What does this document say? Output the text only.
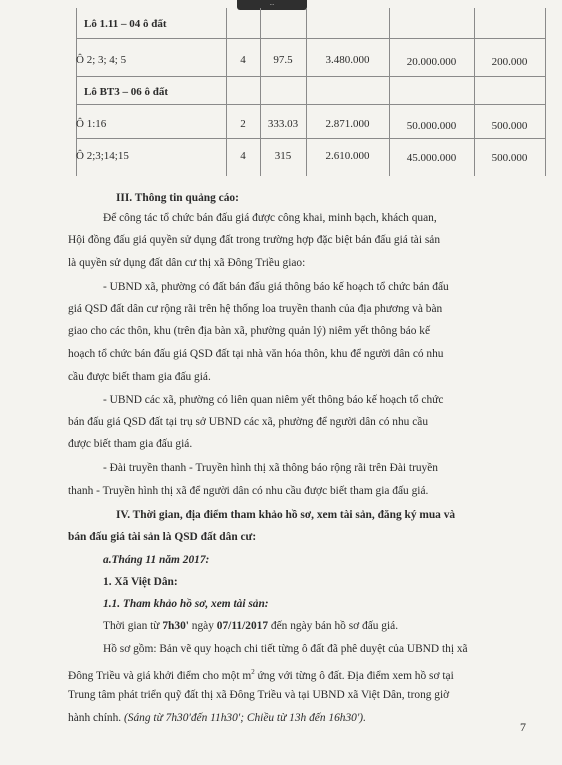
...
Lô 1.11 – 04 ô đất
Ô 2; 3; 4; 5	4	97.5	3.480.000	20.000.000	200.000
Lô BT3 – 06 ô đất
Ô 1:16	2	333.03	2.871.000	50.000.000	500.000
Ô 2;3;14;15	4	315	2.610.000	45.000.000	500.000
III. Thông tin quảng cáo:
Để công tác tổ chức bán đấu giá được công khai, minh bạch, khách quan,
Hội đồng đấu giá quyền sử dụng đất trong trường hợp đặc biệt bán đấu giá tài sản
là quyền sử dụng đất dân cư thị xã Đông Triều giao:
- UBND xã, phường có đất bán đấu giá thông báo kế hoạch tổ chức bán đấu
giá QSD đất dân cư rộng rãi trên hệ thống loa truyền thanh của địa phương và bàn
giao cho các thôn, khu (trên địa bàn xã, phường quản lý) niêm yết thông báo kế
hoạch tổ chức bán đấu giá QSD đất tại nhà văn hóa thôn, khu để người dân có nhu
cầu được biết tham gia đấu giá.
- UBND các xã, phường có liên quan niêm yết thông báo kế hoạch tổ chức
bán đấu giá QSD đất tại trụ sở UBND các xã, phường để người dân có nhu cầu
được biết tham gia đấu giá.
- Đài truyền thanh - Truyền hình thị xã thông báo rộng rãi trên Đài truyền
thanh - Truyền hình thị xã để người dân có nhu cầu được biết tham gia đấu giá.
IV. Thời gian, địa điểm tham khảo hồ sơ, xem tài sản, đăng ký mua và
bán đấu giá tài sản là QSD đất dân cư:
a.Tháng 11 năm 2017:
1. Xã Việt Dân:
1.1. Tham khảo hồ sơ, xem tài sản:
Thời gian từ 7h30' ngày 07/11/2017 đến ngày bán hồ sơ đấu giá.
Hồ sơ gồm: Bản vẽ quy hoạch chi tiết từng ô đất đã phê duyệt của UBND thị xã
Đông Triều và giá khởi điểm cho một $m^2$ ứng với từng ô đất. Địa điểm xem hồ sơ tại
Trung tâm phát triển quỹ đất thị xã Đông Triều và tại UBND xã Việt Dân, trong giờ
hành chính. (Sáng từ 7h30'đến 11h30'; Chiều từ 13h đến 16h30').
7
